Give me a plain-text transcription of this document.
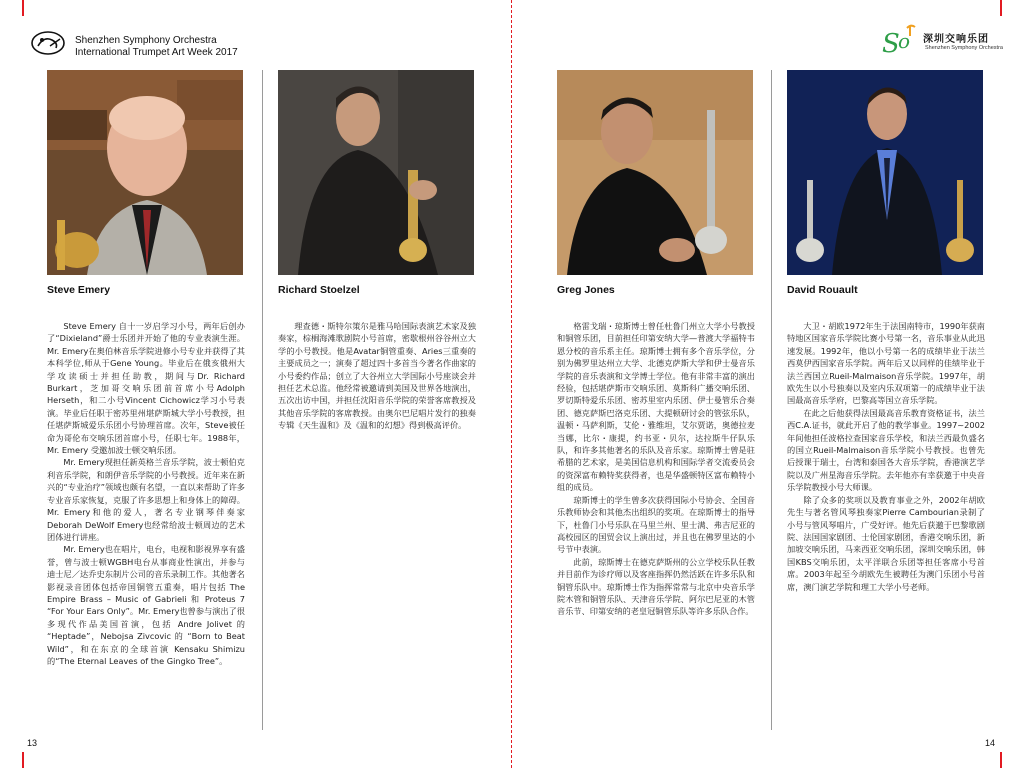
Shenzhen Symphony Orchestra
International Trumpet Art Week 2017	S
o 深圳交响乐团
Shenzhen Symphony Orchestra
Steve Emery	Richard Stoelzel	Greg Jones	David Rouault

Steve Emery 自十一岁启学习小号，两年后创办了“Dixieland”爵士乐团并开始了他的专业表演生涯。Mr. Emery在奥伯林音乐学院进修小号专业并获得了其本科学位,师从于Gene Young。毕业后在俄亥俄州大学攻读硕士并担任助教，期间与Dr. Richard Burkart，芝加哥交响乐团前首席小号Adolph Herseth，和二小号Vincent Cichowicz学习小号表演。毕业后任职于密苏里州堪萨斯城大学小号教授，担任堪萨斯城爱乐乐团小号协理首席。次年，Steve被任命为哥伦布交响乐团首席小号，任职七年。1988年，Mr. Emery 受邀加波士顿交响乐团。

Mr. Emery现担任新英格兰音乐学院，波士顿伯克利音乐学院，和朗伊音乐学院的小号教授。近年来在新兴的“专业治疗”领域也颇有名望，一直以来帮助了许多专业音乐家恢复，克服了许多思想上和身体上的障碍。Mr. Emery和他的爱人，著名专业钢琴伴奏家Deborah DeWolf Emery也经常给波士顿周边的艺术团体进行讲座。

Mr. Emery也在唱片，电台，电视和影视界享有盛誉，曾与波士顿WGBH电台从事商业性演出，并参与迪士尼／达乔史东制片公司的音乐录制工作。其他著名影视录音团体包括帝国铜管五重奏，唱片包括 The Empire Brass – Music of Gabrieli 和 Proteus 7 “For Your Ears Only”。Mr. Emery也曾参与演出了很多现代作品美国首演，包括 Andre Jolivet 的 “Heptade”，Nebojsa Zivcovic 的 “Born to Beat Wild”，和在东京的全球首演 Kensaku Shimizu 的“The Eternal Leaves of the Gingko Tree”。

理查德・斯特尔策尔是雅马哈国际表演艺术家及独奏家，棕榈海滩歌剧院小号首席，密歇根州谷谷州立大学的小号教授。他是Avatar铜管重奏、Aries三重奏的主要成员之一；演奏了超过四十多首当今著名作曲家的小号委约作品；创立了大谷州立大学国际小号座谈会并担任艺术总监。他经常被邀请到美国及世界各地演出，五次出访中国，并担任沈阳音乐学院的荣誉客席教授及其他音乐学院的客席教授。由奥尔巴尼唱片发行的独奏专辑《天生温和》及《温和的幻想》得到极高评价。

格雷戈瑞・琼斯博士曾任杜鲁门州立大学小号教授和铜管乐团，目前担任印第安纳大学—普渡大学福特韦恩分校的音乐系主任。琼斯博士拥有多个音乐学位，分别为佛罗里达州立大学、北德克萨斯大学和伊士曼音乐学院的音乐表演和文学博士学位。他有非常丰富的演出经验，包括堪萨斯市交响乐团、莫斯科广播交响乐团、罗切斯特爱乐乐团、密苏里室内乐团、伊士曼管乐合奏团、德克萨斯巴洛克乐团、大提顿研讨会的管弦乐队，温顿・马萨利斯，艾伦・雅维坦，艾尔贾诺，奥德拉麦当娜，比尔・康提，约书亚・贝尔，达拉斯牛仔队乐队，和许多其他著名的乐队及音乐家。琼斯博士曾是驻希腊的艺术家，是美国信息机构和国际学者交流委员会的资深富布赖特奖获得者，也是华盛顿特区富布赖特小组的成员。

琼斯博士的学生曾多次获得国际小号协会、全国音乐教师协会和其他杰出组织的奖项。在琼斯博士的指导下，杜鲁门小号乐队在马里兰州、里士满、弗吉尼亚的高校园区的国贸会议上演出过，并且也在佛罗里达的小号节中表演。

此前，琼斯博士在德克萨斯州的公立学校乐队任教并目前作为诊疗师以及客座指挥仍然活跃在许多乐队和铜管乐队中。琼斯博士作为指挥常常与北京中央音乐学院木管和铜管乐队、天津音乐学院、阿尔巴尼亚的木管音乐节、印第安纳的老皇冠铜管乐队等许多乐队合作。

大卫・胡欧1972年生于法国南特市，1990年获南特地区国家音乐学院比赛小号第一名，音乐事业从此迅速发展。1992年，他以小号第一名的成绩毕业于法兰西莫伊西国家音乐学院。两年后又以同样的佳绩毕业于法兰西国立Rueil-Malmaison音乐学院。1997年，胡欧先生以小号独奏以及室内乐双项第一的成绩毕业于法国最高音乐学府，巴黎高等国立音乐学院。

在此之后他获得法国最高音乐教育资格证书，法兰西C.A.证书，就此开启了他的教学事业。1997~2002年间他担任波格拉查国家音乐学校，和法兰西最负盛名的国立Rueil-Malmaison音乐学院小号教授。也曾先后授课于瑞士，台湾和泰国各大音乐学院，香港演艺学院以及广州星海音乐学院。去年他亦有幸获邀于中央音乐学院教授小号大师课。

除了众多的奖项以及教育事业之外，2002年胡欧先生与著名管风琴独奏家Pierre Cambourian录制了小号与管风琴唱片，广受好评。他先后获邀于巴黎歌剧院、法国国家剧团、士伦国家剧团，香港交响乐团，新加坡交响乐团，马来西亚交响乐团，深圳交响乐团，韩国KBS交响乐团，太平洋联合乐团等担任客席小号首席。2003年起至今胡欧先生被聘任为澳门乐团小号首席，澳门演艺学院和理工大学小号老师。

13	14
